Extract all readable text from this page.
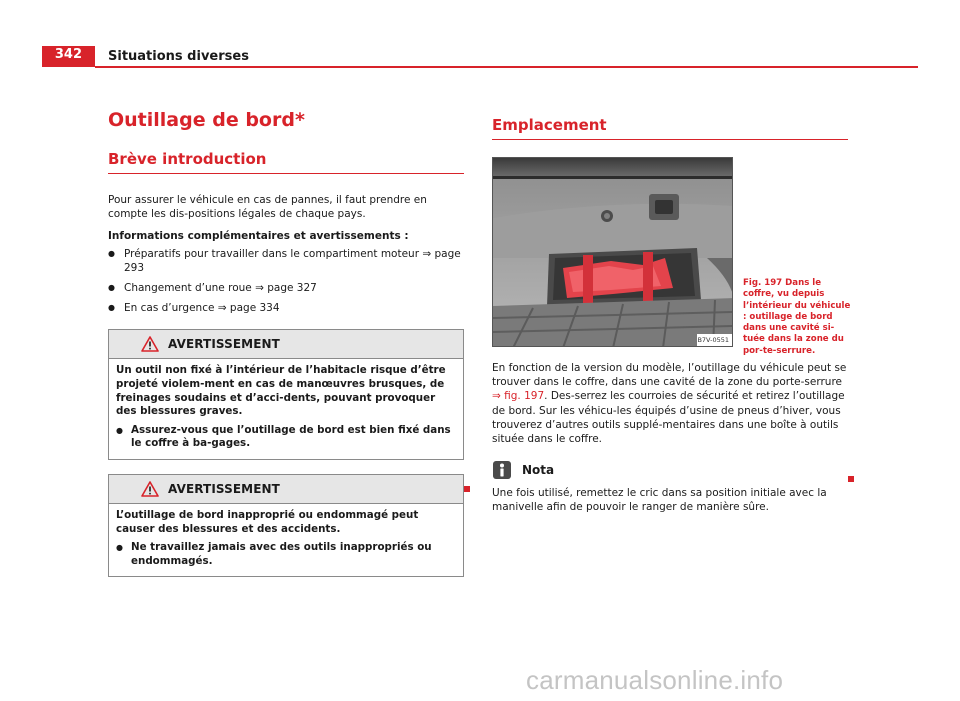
342 Situations diverses
Outillage de bord*
Brève introduction

Pour assurer le véhicule en cas de pannes, il faut prendre en compte les dis-positions légales de chaque pays.

Informations complémentaires et avertissements :

● Préparatifs pour travailler dans le compartiment moteur ⇒ page 293
● Changement d’une roue ⇒ page 327
● En cas d’urgence ⇒ page 334
AVERTISSEMENT
Un outil non fixé à l’intérieur de l’habitacle risque d’être projeté violem-ment en cas de manœuvres brusques, de freinages soudains et d’acci-dents, pouvant provoquer des blessures graves.
● Assurez-vous que l’outillage de bord est bien fixé dans le coffre à ba-gages.
AVERTISSEMENT
L’outillage de bord inapproprié ou endommagé peut causer des blessures et des accidents.
● Ne travaillez jamais avec des outils inappropriés ou endommagés.
Emplacement
B7V-0551
Fig. 197 Dans le coffre, vu depuis l’intérieur du véhicule : outillage de bord dans une cavité si-tuée dans la zone du por-te-serrure.

En fonction de la version du modèle, l’outillage du véhicule peut se trouver dans le coffre, dans une cavité de la zone du porte-serrure ⇒ fig. 197. Des-serrez les courroies de sécurité et retirez l’outillage de bord. Sur les véhicu-les équipés d’usine de pneus d’hiver, vous trouverez d’autres outils supplé-mentaires dans une boîte à outils située dans le coffre.

Nota

Une fois utilisé, remettez le cric dans sa position initiale avec la manivelle afin de pouvoir le ranger de manière sûre.

carmanualsonline.info
